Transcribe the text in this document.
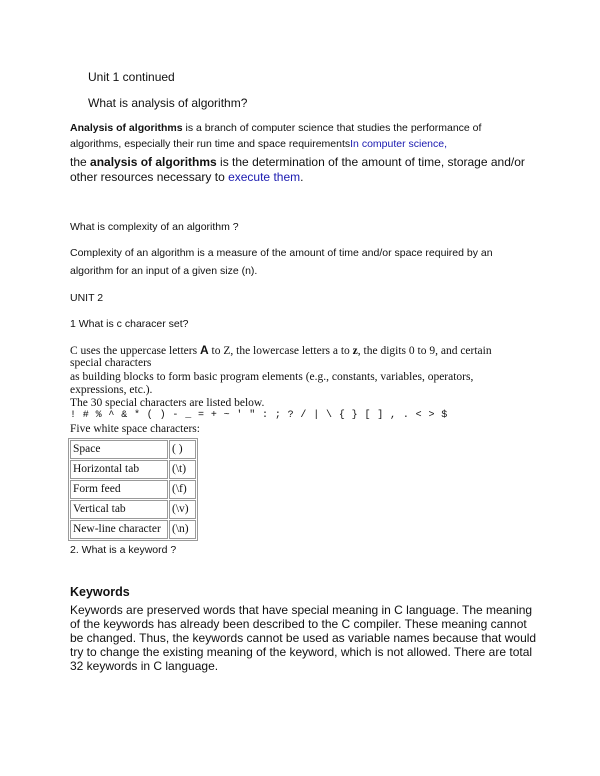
Unit 1 continued
What is analysis of algorithm?
Analysis of algorithms is a branch of computer science that studies the performance of
algorithms, especially their run time and space requirementsIn computer science,
the analysis of algorithms is the determination of the amount of time, storage and/or
other resources necessary to execute them.
What is complexity of an algorithm ?
Complexity of an algorithm is a measure of the amount of time and/or space required by an
algorithm for an input of a given size (n).
UNIT 2
1 What is c characer set?
C uses the uppercase letters A to Z, the lowercase letters a to z, the digits 0 to 9, and certain
special characters
as building blocks to form basic program elements (e.g., constants, variables, operators,
expressions, etc.).
The 30 special characters are listed below.
! # % ^ & * ( ) - _ = + ~ ' " : ; ? / | \ { } [ ] , . < > $
Five white space characters:
Space	( )
Horizontal tab	(\t)
Form feed	(\f)
Vertical tab	(\v)
New-line character	(\n)
2. What is a keyword ?
Keywords
Keywords are preserved words that have special meaning in C language. The meaning
of the keywords has already been described to the C compiler. These meaning cannot
be changed. Thus, the keywords cannot be used as variable names because that would
try to change the existing meaning of the keyword, which is not allowed. There are total
32 keywords in C language.
